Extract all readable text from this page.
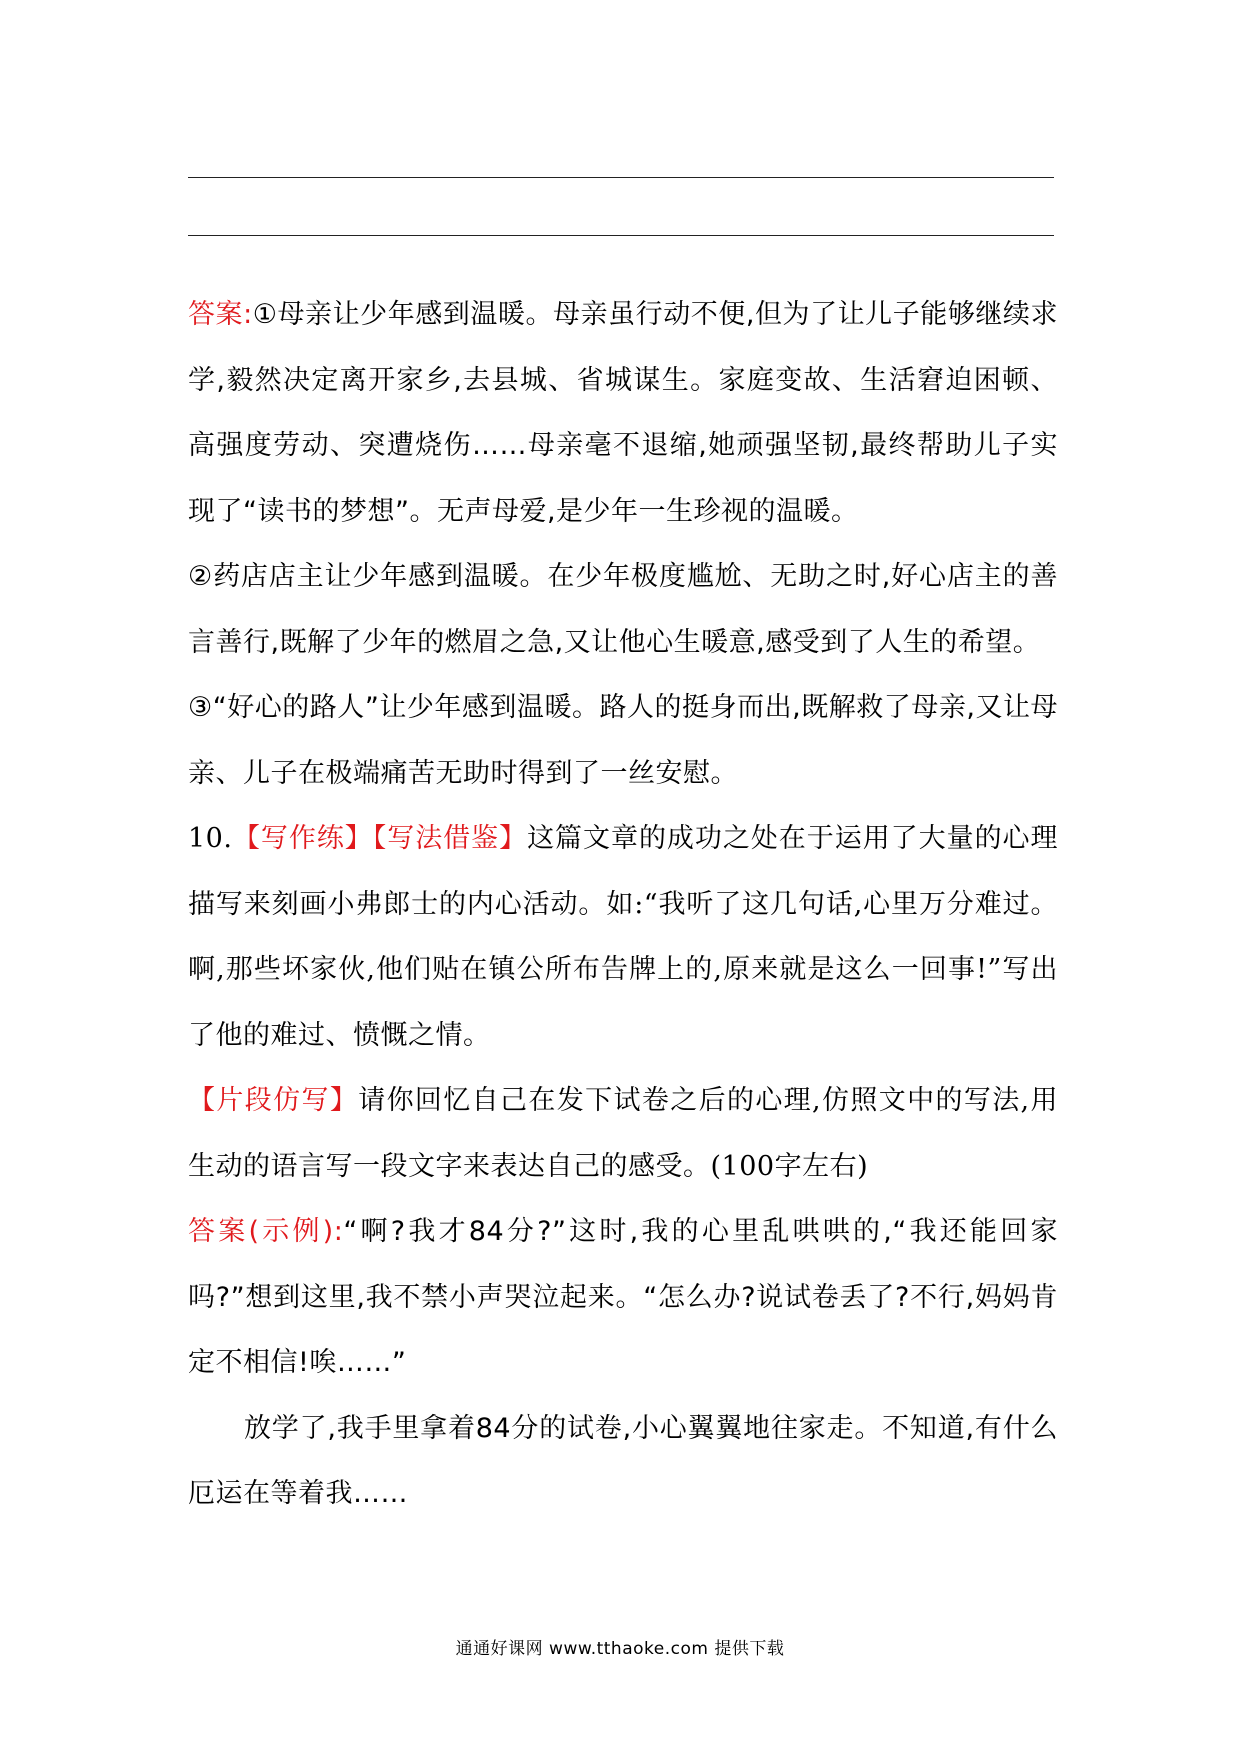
答案:①母亲让少年感到温暖。母亲虽行动不便,但为了让儿子能够继续求学,毅然决定离开家乡,去县城、省城谋生。家庭变故、生活窘迫困顿、高强度劳动、突遭烧伤……母亲毫不退缩,她顽强坚韧,最终帮助儿子实现了“读书的梦想”。无声母爱,是少年一生珍视的温暖。

②药店店主让少年感到温暖。在少年极度尴尬、无助之时,好心店主的善言善行,既解了少年的燃眉之急,又让他心生暖意,感受到了人生的希望。

③“好心的路人”让少年感到温暖。路人的挺身而出,既解救了母亲,又让母亲、儿子在极端痛苦无助时得到了一丝安慰。

10.【写作练】【写法借鉴】这篇文章的成功之处在于运用了大量的心理描写来刻画小弗郎士的内心活动。如:“我听了这几句话,心里万分难过。啊,那些坏家伙,他们贴在镇公所布告牌上的,原来就是这么一回事!”写出了他的难过、愤慨之情。

【片段仿写】请你回忆自己在发下试卷之后的心理,仿照文中的写法,用生动的语言写一段文字来表达自己的感受。(100字左右)

答案(示例):“啊?我才84分?”这时,我的心里乱哄哄的,“我还能回家吗?”想到这里,我不禁小声哭泣起来。“怎么办?说试卷丢了?不行,妈妈肯定不相信!唉……”

放学了,我手里拿着84分的试卷,小心翼翼地往家走。不知道,有什么厄运在等着我……

通通好课网 www.tthaoke.com 提供下载
